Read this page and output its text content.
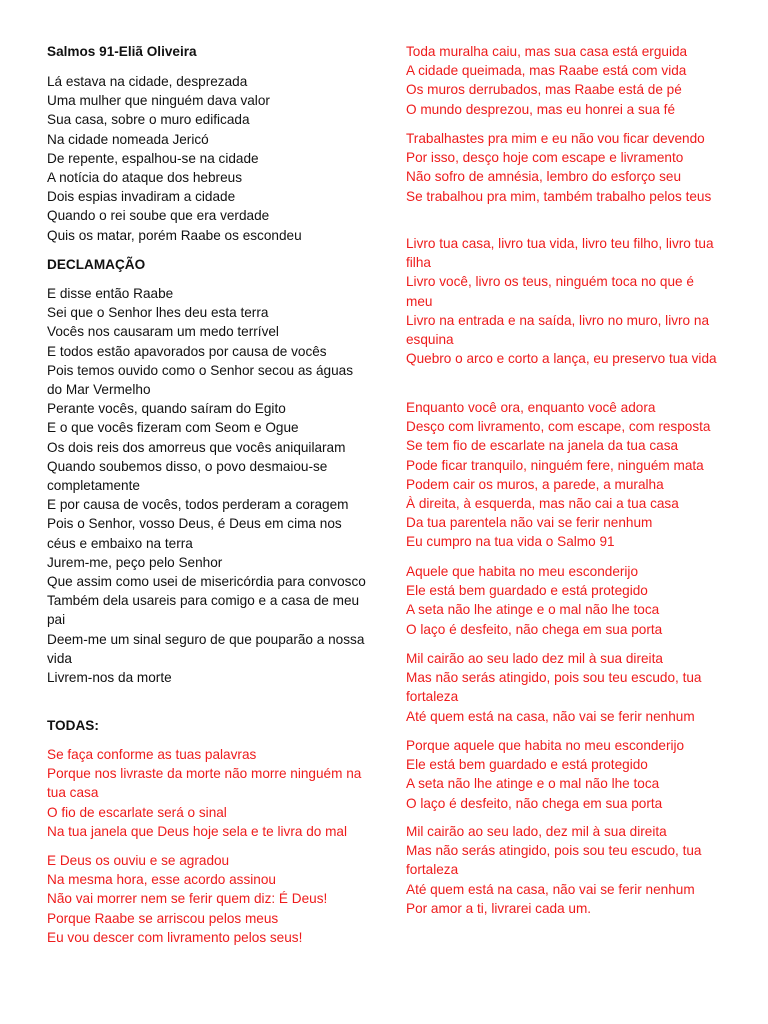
Salmos 91-Eliã Oliveira
Lá estava na cidade, desprezada
Uma mulher que ninguém dava valor
Sua casa, sobre o muro edificada
Na cidade nomeada Jericó
De repente, espalhou-se na cidade
A notícia do ataque dos hebreus
Dois espias invadiram a cidade
Quando o rei soube que era verdade
Quis os matar, porém Raabe os escondeu
DECLAMAÇÃO
E disse então Raabe
Sei que o Senhor lhes deu esta terra
Vocês nos causaram um medo terrível
E todos estão apavorados por causa de vocês
Pois temos ouvido como o Senhor secou as águas do Mar Vermelho
Perante vocês, quando saíram do Egito
E o que vocês fizeram com Seom e Ogue
Os dois reis dos amorreus que vocês aniquilaram
Quando soubemos disso, o povo desmaiou-se completamente
E por causa de vocês, todos perderam a coragem
Pois o Senhor, vosso Deus, é Deus em cima nos céus e embaixo na terra
Jurem-me, peço pelo Senhor
Que assim como usei de misericórdia para convosco
Também dela usareis para comigo e a casa de meu pai
Deem-me um sinal seguro de que pouparão a nossa vida
Livrem-nos da morte
TODAS:
Se faça conforme as tuas palavras
Porque nos livraste da morte não morre ninguém na tua casa
O fio de escarlate será o sinal
Na tua janela que Deus hoje sela e te livra do mal
E Deus os ouviu e se agradou
Na mesma hora, esse acordo assinou
Não vai morrer nem se ferir quem diz: É Deus!
Porque Raabe se arriscou pelos meus
Eu vou descer com livramento pelos seus!
Toda muralha caiu, mas sua casa está erguida
A cidade queimada, mas Raabe está com vida
Os muros derrubados, mas Raabe está de pé
O mundo desprezou, mas eu honrei a sua fé
Trabalhastes pra mim e eu não vou ficar devendo
Por isso, desço hoje com escape e livramento
Não sofro de amnésia, lembro do esforço seu
Se trabalhou pra mim, também trabalho pelos teus
Livro tua casa, livro tua vida, livro teu filho, livro tua filha
Livro você, livro os teus, ninguém toca no que é meu
Livro na entrada e na saída, livro no muro, livro na esquina
Quebro o arco e corto a lança, eu preservo tua vida
Enquanto você ora, enquanto você adora
Desço com livramento, com escape, com resposta
Se tem fio de escarlate na janela da tua casa
Pode ficar tranquilo, ninguém fere, ninguém mata
Podem cair os muros, a parede, a muralha
À direita, à esquerda, mas não cai a tua casa
Da tua parentela não vai se ferir nenhum
Eu cumpro na tua vida o Salmo 91
Aquele que habita no meu esconderijo
Ele está bem guardado e está protegido
A seta não lhe atinge e o mal não lhe toca
O laço é desfeito, não chega em sua porta
Mil cairão ao seu lado dez mil à sua direita
Mas não serás atingido, pois sou teu escudo, tua fortaleza
Até quem está na casa, não vai se ferir nenhum
Porque aquele que habita no meu esconderijo
Ele está bem guardado e está protegido
A seta não lhe atinge e o mal não lhe toca
O laço é desfeito, não chega em sua porta
Mil cairão ao seu lado, dez mil à sua direita
Mas não serás atingido, pois sou teu escudo, tua fortaleza
Até quem está na casa, não vai se ferir nenhum
Por amor a ti, livrarei cada um.
